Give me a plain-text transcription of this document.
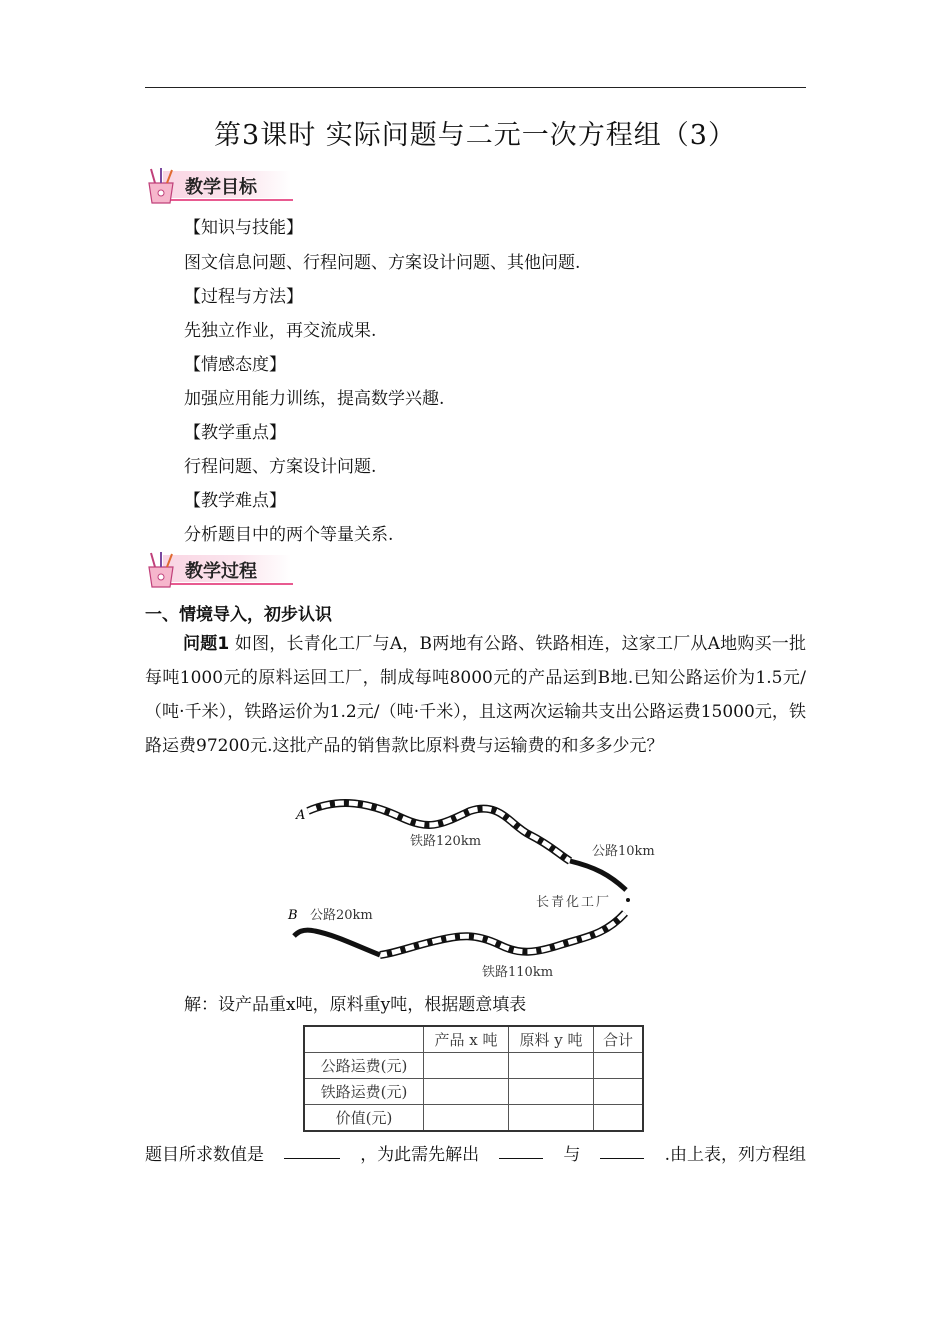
第3课时 实际问题与二元一次方程组（3）
教学目标
【知识与技能】
图文信息问题、行程问题、方案设计问题、其他问题.
【过程与方法】
先独立作业，再交流成果.
【情感态度】
加强应用能力训练，提高数学兴趣.
【教学重点】
行程问题、方案设计问题.
【教学难点】
分析题目中的两个等量关系.
教学过程
一、情境导入，初步认识
问题1 如图，长青化工厂与A，B两地有公路、铁路相连，这家工厂从A地购买一批每吨1000元的原料运回工厂，制成每吨8000元的产品运到B地.已知公路运价为1.5元/（吨·千米），铁路运价为1.2元/（吨·千米），且这两次运输共支出公路运费15000元，铁路运费97200元.这批产品的销售款比原料费与运输费的和多多少元？
A
铁路120km
公路10km
长青化工厂
B 公路20km
铁路110km
解：设产品重x吨，原料重y吨，根据题意填表
	产品 x 吨	原料 y 吨	合计
公路运费(元)			
铁路运费(元)			
价值(元)			
题目所求数值是	，为此需先解出	与	.由上表，列方程组
